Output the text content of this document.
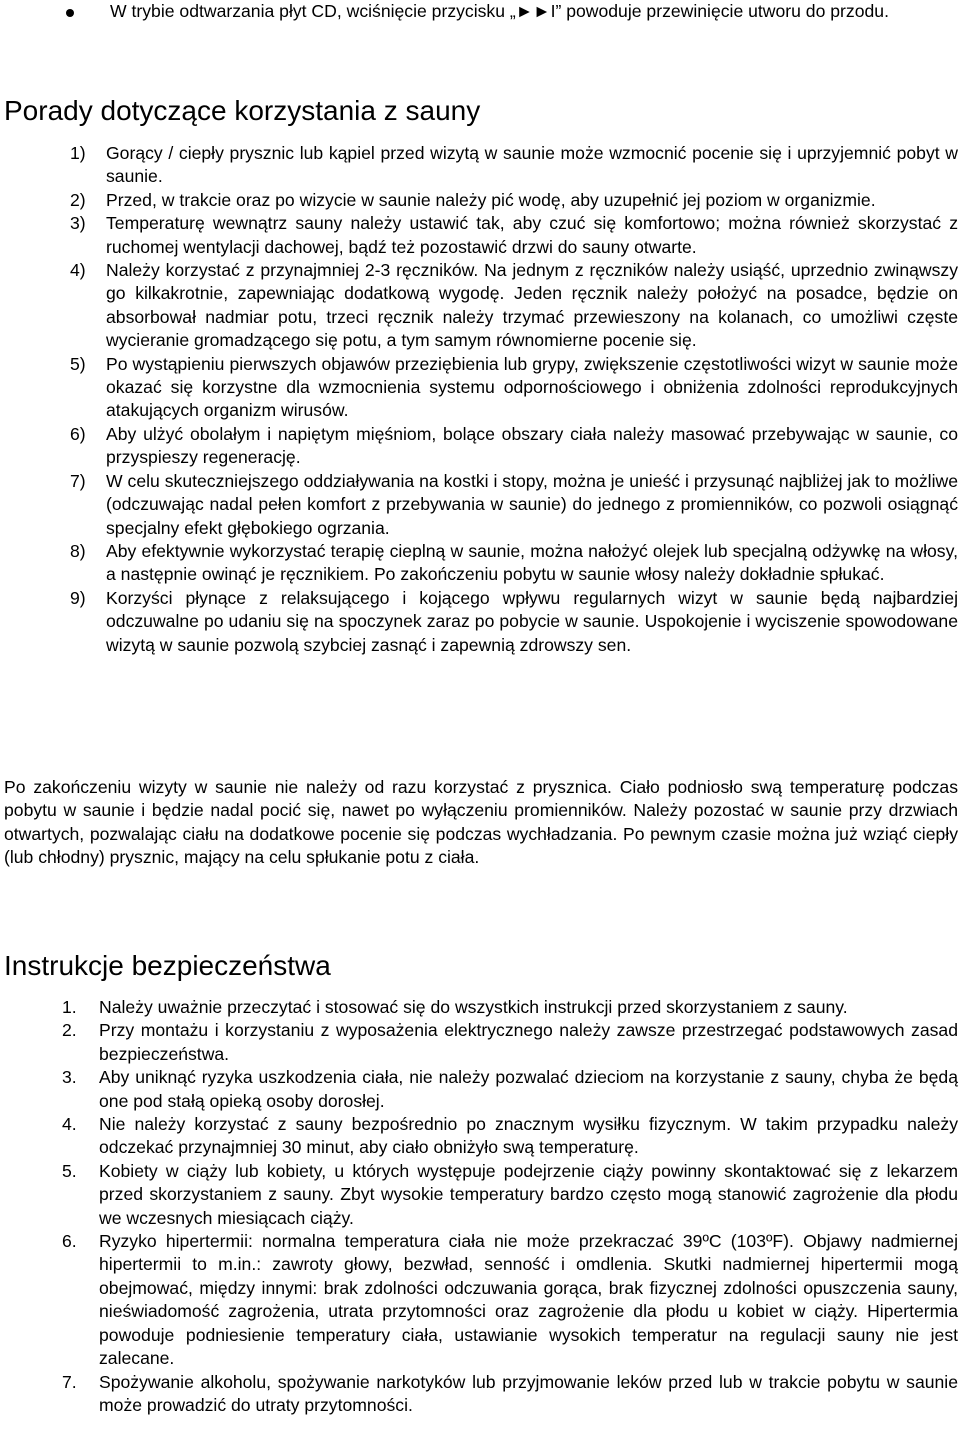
W trybie odtwarzania płyt CD, wciśnięcie przycisku „►►I” powoduje przewinięcie utworu do przodu.

Porady dotyczące korzystania z sauny
1) Gorący / ciepły prysznic lub kąpiel przed wizytą w saunie może wzmocnić pocenie się i uprzyjemnić pobyt w saunie.

2) Przed, w trakcie oraz po wizycie w saunie należy pić wodę, aby uzupełnić jej poziom w organizmie.

3) Temperaturę wewnątrz sauny należy ustawić tak, aby czuć się komfortowo; można również skorzystać z ruchomej wentylacji dachowej, bądź też pozostawić drzwi do sauny otwarte.

4) Należy korzystać z przynajmniej 2-3 ręczników. Na jednym z ręczników należy usiąść, uprzednio zwinąwszy go kilkakrotnie, zapewniając dodatkową wygodę. Jeden ręcznik należy położyć na posadce, będzie on absorbował nadmiar potu, trzeci ręcznik należy trzymać przewieszony na kolanach, co umożliwi częste wycieranie gromadzącego się potu, a tym samym równomierne pocenie się.

5) Po wystąpieniu pierwszych objawów przeziębienia lub grypy, zwiększenie częstotliwości wizyt w saunie może okazać się korzystne dla wzmocnienia systemu odpornościowego i obniżenia zdolności reprodukcyjnych atakujących organizm wirusów.

6) Aby ulżyć obolałym i napiętym mięśniom, bolące obszary ciała należy masować przebywając w saunie, co przyspieszy regenerację.

7) W celu skuteczniejszego oddziaływania na kostki i stopy, można je unieść i przysunąć najbliżej jak to możliwe (odczuwając nadal pełen komfort z przebywania w saunie) do jednego z promienników, co pozwoli osiągnąć specjalny efekt głębokiego ogrzania.

8) Aby efektywnie wykorzystać terapię cieplną w saunie, można nałożyć olejek lub specjalną odżywkę na włosy, a następnie owinąć je ręcznikiem. Po zakończeniu pobytu w saunie włosy należy dokładnie spłukać.

9) Korzyści płynące z relaksującego i kojącego wpływu regularnych wizyt w saunie będą najbardziej odczuwalne po udaniu się na spoczynek zaraz po pobycie w saunie. Uspokojenie i wyciszenie spowodowane wizytą w saunie pozwolą szybciej zasnąć i zapewnią zdrowszy sen.

Po zakończeniu wizyty w saunie nie należy od razu korzystać z prysznica. Ciało podniosło swą temperaturę podczas pobytu w saunie i będzie nadal pocić się, nawet po wyłączeniu promienników. Należy pozostać w saunie przy drzwiach otwartych, pozwalając ciału na dodatkowe pocenie się podczas wychładzania. Po pewnym czasie można już wziąć ciepły (lub chłodny) prysznic, mający na celu spłukanie potu z ciała.

Instrukcje bezpieczeństwa
1. Należy uważnie przeczytać i stosować się do wszystkich instrukcji przed skorzystaniem z sauny.

2. Przy montażu i korzystaniu z wyposażenia elektrycznego należy zawsze przestrzegać podstawowych zasad bezpieczeństwa.

3. Aby uniknąć ryzyka uszkodzenia ciała, nie należy pozwalać dzieciom na korzystanie z sauny, chyba że będą one pod stałą opieką osoby dorosłej.

4. Nie należy korzystać z sauny bezpośrednio po znacznym wysiłku fizycznym. W takim przypadku należy odczekać przynajmniej 30 minut, aby ciało obniżyło swą temperaturę.

5. Kobiety w ciąży lub kobiety, u których występuje podejrzenie ciąży powinny skontaktować się z lekarzem przed skorzystaniem z sauny. Zbyt wysokie temperatury bardzo często mogą stanowić zagrożenie dla płodu we wczesnych miesiącach ciąży.

6. Ryzyko hipertermii: normalna temperatura ciała nie może przekraczać 39ºC (103ºF). Objawy nadmiernej hipertermii to m.in.: zawroty głowy, bezwład, senność i omdlenia. Skutki nadmiernej hipertermii mogą obejmować, między innymi: brak zdolności odczuwania gorąca, brak fizycznej zdolności opuszczenia sauny, nieświadomość zagrożenia, utrata przytomności oraz zagrożenie dla płodu u kobiet w ciąży. Hipertermia powoduje podniesienie temperatury ciała, ustawianie wysokich temperatur na regulacji sauny nie jest zalecane.

7. Spożywanie alkoholu, spożywanie narkotyków lub przyjmowanie leków przed lub w trakcie pobytu w saunie może prowadzić do utraty przytomności.
